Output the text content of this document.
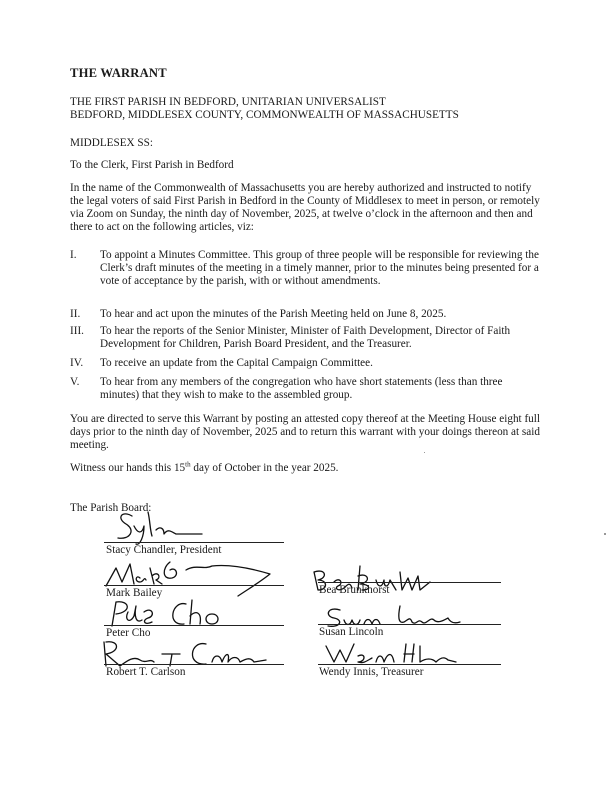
THE WARRANT
THE FIRST PARISH IN BEDFORD, UNITARIAN UNIVERSALIST
BEDFORD, MIDDLESEX COUNTY, COMMONWEALTH OF MASSACHUSETTS
MIDDLESEX SS:
To the Clerk, First Parish in Bedford
In the name of the Commonwealth of Massachusetts you are hereby authorized and instructed to notify the legal voters of said First Parish in Bedford in the County of Middlesex to meet in person, or remotely via Zoom on Sunday, the ninth day of November, 2025, at twelve o’clock in the afternoon and then and there to act on the following articles, viz:
I. To appoint a Minutes Committee. This group of three people will be responsible for reviewing the Clerk’s draft minutes of the meeting in a timely manner, prior to the minutes being presented for a vote of acceptance by the parish, with or without amendments.
II. To hear and act upon the minutes of the Parish Meeting held on June 8, 2025.
III. To hear the reports of the Senior Minister, Minister of Faith Development, Director of Faith Development for Children, Parish Board President, and the Treasurer.
IV. To receive an update from the Capital Campaign Committee.
V. To hear from any members of the congregation who have short statements (less than three minutes) that they wish to make to the assembled group.
You are directed to serve this Warrant by posting an attested copy thereof at the Meeting House eight full days prior to the ninth day of November, 2025 and to return this warrant with your doings thereon at said meeting.
Witness our hands this 15th day of October in the year 2025.
The Parish Board:
Stacy Chandler, President
Mark Bailey
Peter Cho
Robert T. Carlson
Bea Brunkhorst
Susan Lincoln
Wendy Innis, Treasurer
